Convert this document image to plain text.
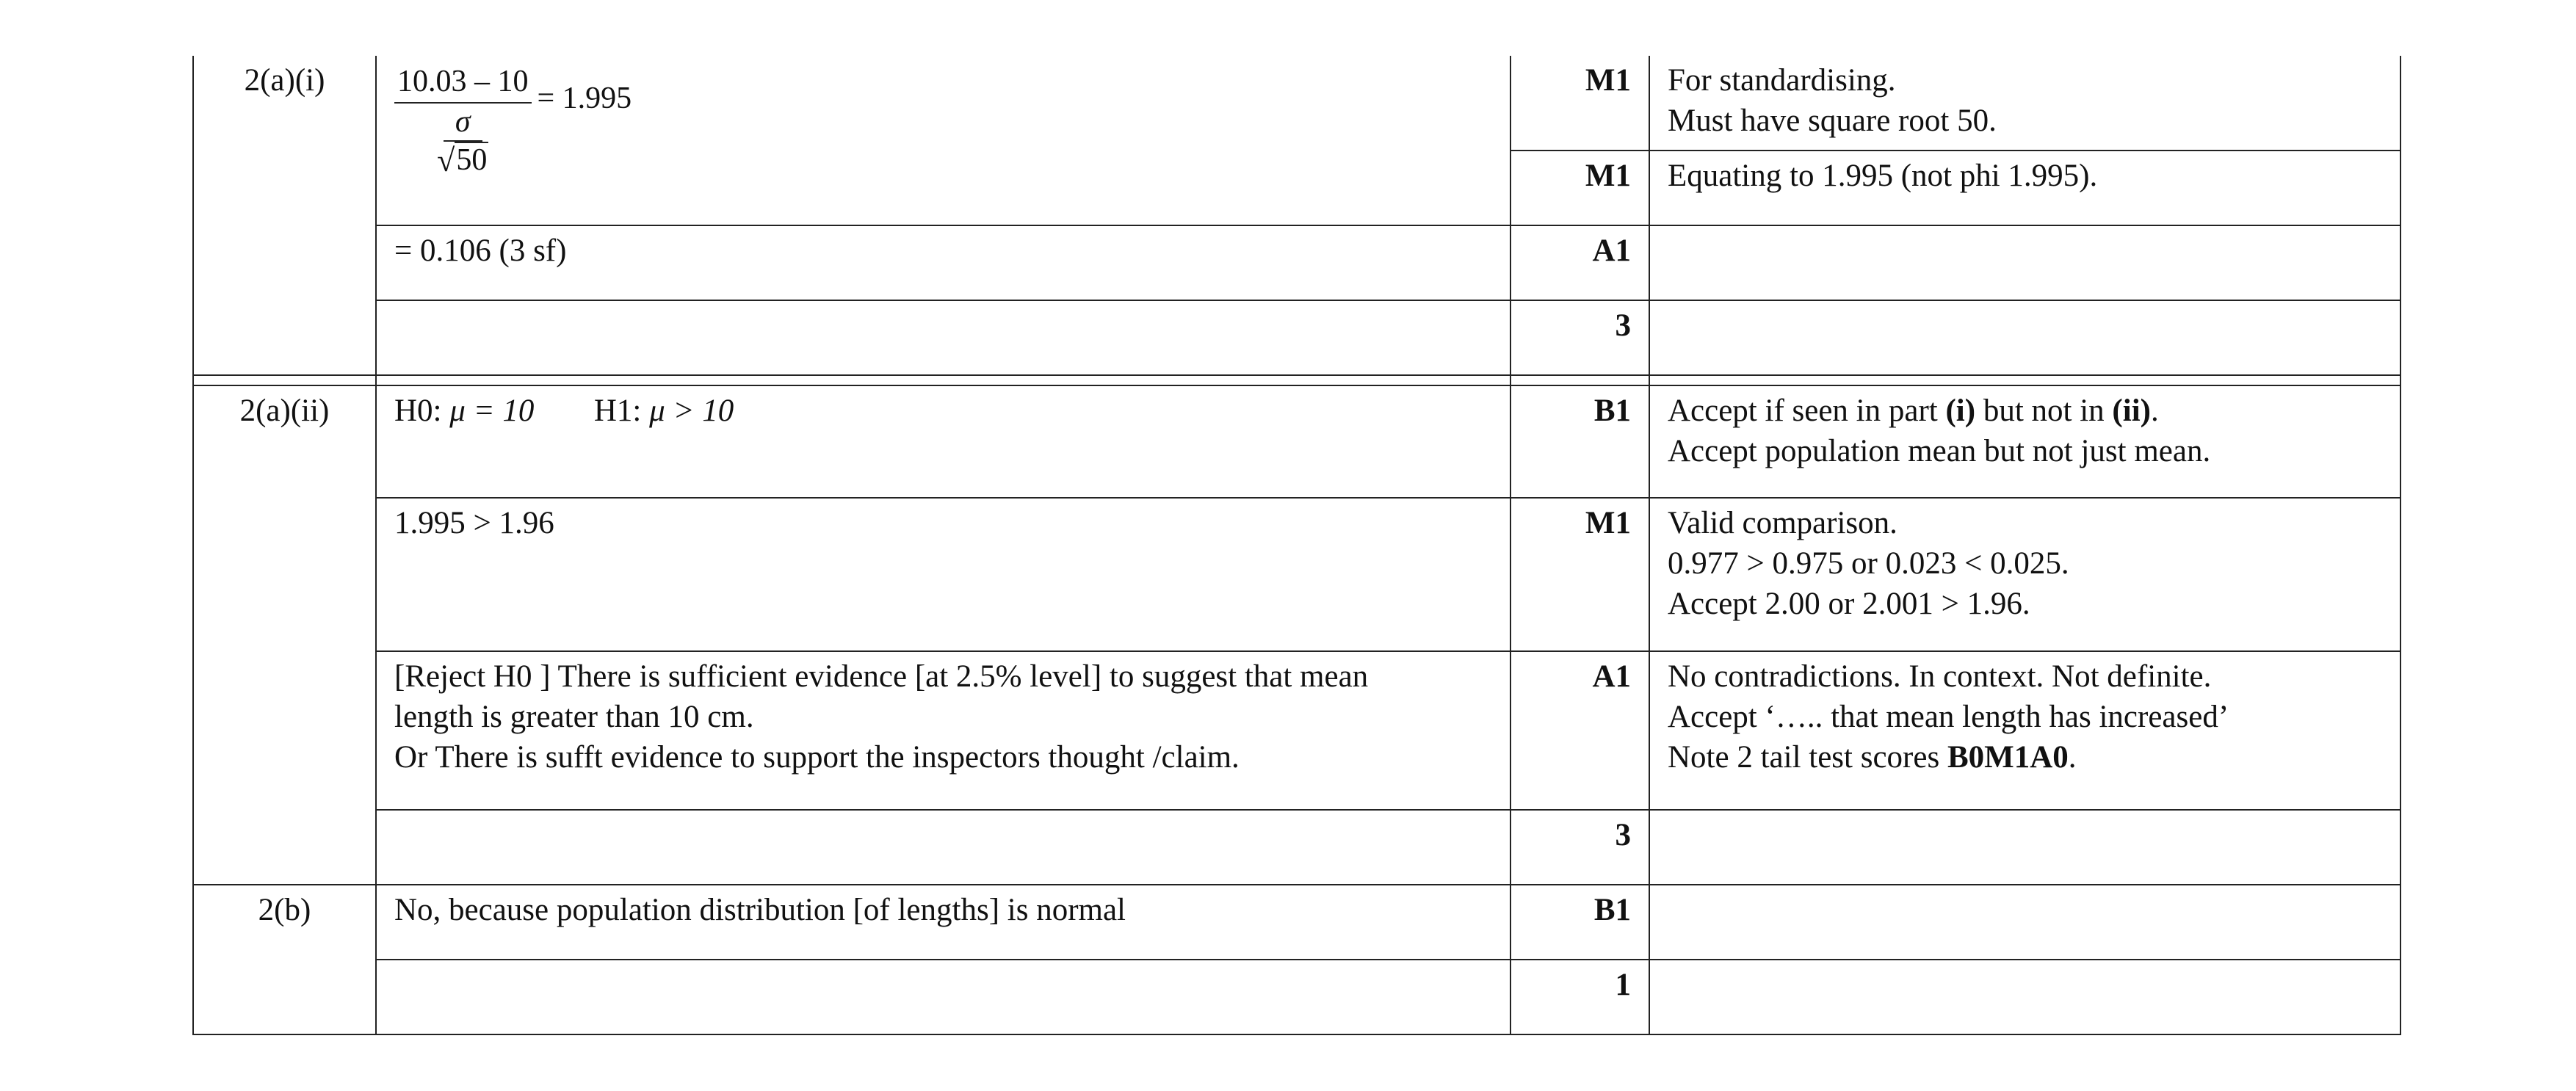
2(a)(i)	10.03 – 10
σ
√ 50 = 1.995	M1	For standardising.
Must have square root 50.

		M1	Equating to 1.995 (not phi 1.995).
	= 0.106 (3 sf)	A1	
		3	

2(a)(ii)	H0: μ = 10 H1: μ > 10	B1	Accept if seen in part (i) but not in (ii).
Accept population mean but not just mean.

	1.995 > 1.96	M1	Valid comparison.
0.977 > 0.975 or 0.023 < 0.025.
Accept 2.00 or 2.001 > 1.96.

	[Reject H0 ] There is sufficient evidence [at 2.5% level] to suggest that mean
length is greater than 10 cm.
Or There is sufft evidence to support the inspectors thought /claim.	A1	No contradictions. In context. Not definite.
Accept ‘….. that mean length has increased’
Note 2 tail test scores B0M1A0.

		3	
2(b)	No, because population distribution [of lengths] is normal	B1	
		1	
